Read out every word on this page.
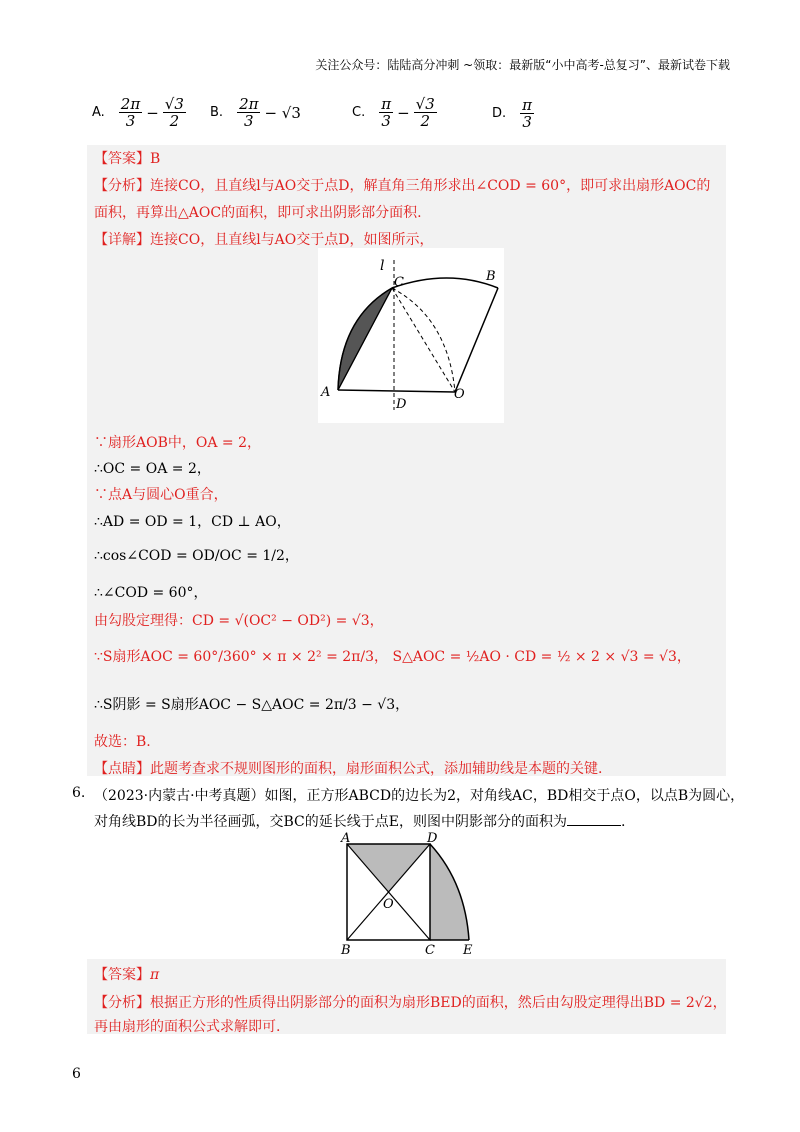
关注公众号：陆陆高分冲刺 ~领取：最新版“小中高考-总复习”、最新试卷下载
A. $\frac{2\pi}{3} - \frac{√3}{2} B$. $\frac{2\pi}{3} - √3$	C. $\frac{\pi}{3} - \frac{√3}{2}$	D. $\frac{\pi}{3}$
【答案】B
【分析】连接CO，且直线l与AO交于点D，解直角三角形求出∠COD = 60°，即可求出扇形AOC的
面积，再算出△AOC的面积，即可求出阴影部分面积.
【详解】连接CO，且直线l与AO交于点D，如图所示，
l
C	B
A
D
O
∵扇形AOB中，OA = 2，
∴OC = OA = 2，
∵点A与圆心O重合，
∴AD = OD = 1，CD ⊥ AO，
∴cos∠COD = OD/OC = 1/2，
∴∠COD = 60°，
由勾股定理得：CD = √(OC² − OD²) = √3，
∵S扇形AOC = 60°/360° × π × 2² = 2π/3， S△AOC = ½AO · CD = ½ × 2 × √3 = √3，
∴S阴影 = S扇形AOC − S△AOC = 2π/3 − √3，
故选：B.
【点睛】此题考查求不规则图形的面积，扇形面积公式，添加辅助线是本题的关键.
6. （2023·内蒙古·中考真题）如图，正方形ABCD的边长为2，对角线AC，BD相交于点O，以点B为圆心，
对角线BD的长为半径画弧，交BC的延长线于点E，则图中阴影部分的面积为	.
A	D
O
B	C E
【答案】π
【分析】根据正方形的性质得出阴影部分的面积为扇形BED的面积，然后由勾股定理得出BD = 2√2，
再由扇形的面积公式求解即可.
6
